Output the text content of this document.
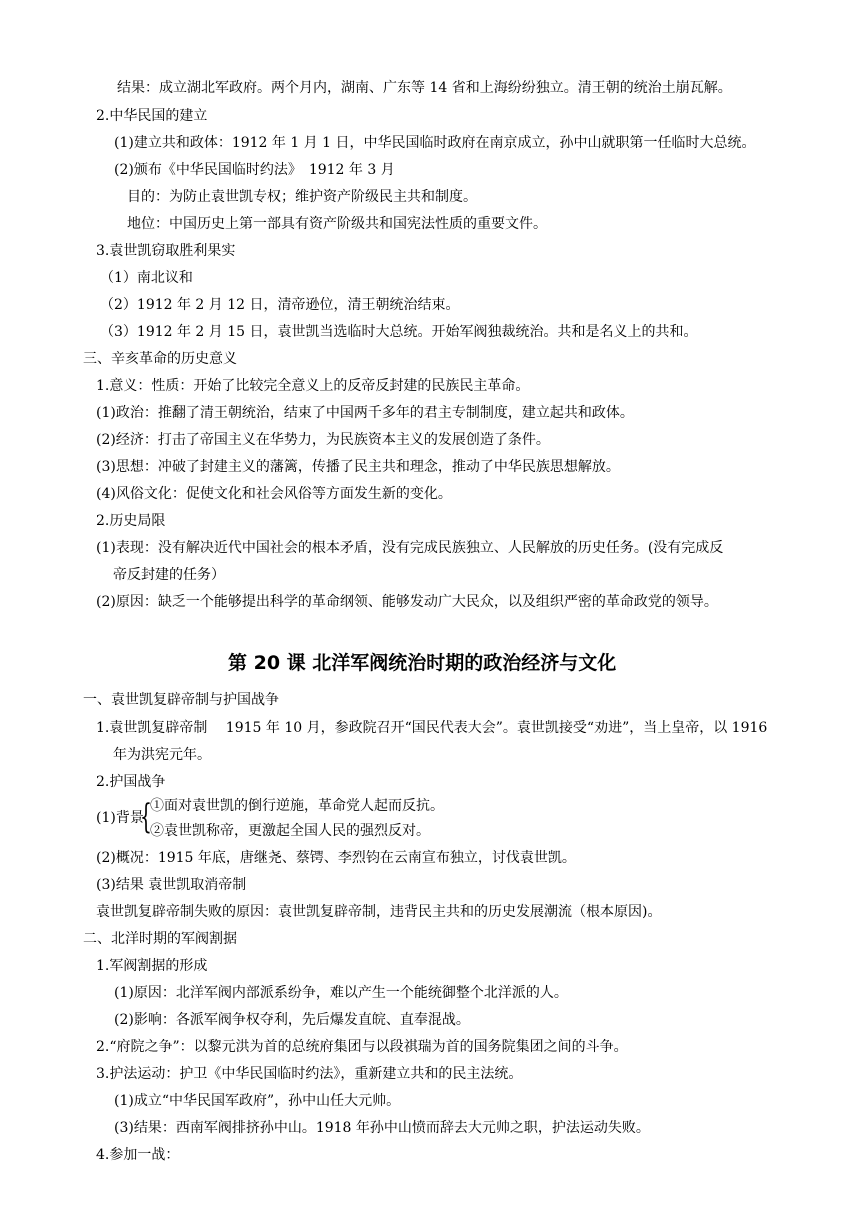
结果：成立湖北军政府。两个月内，湖南、广东等 14 省和上海纷纷独立。清王朝的统治土崩瓦解。
2.中华民国的建立
(1)建立共和政体：1912 年 1 月 1 日，中华民国临时政府在南京成立，孙中山就职第一任临时大总统。
(2)颁布《中华民国临时约法》　1912 年 3 月
目的：为防止袁世凯专权；维护资产阶级民主共和制度。
地位：中国历史上第一部具有资产阶级共和国宪法性质的重要文件。
3.袁世凯窃取胜利果实
（1）南北议和
（2）1912 年 2 月 12 日，清帝逊位，清王朝统治结束。
（3）1912 年 2 月 15 日，袁世凯当选临时大总统。开始军阀独裁统治。共和是名义上的共和。
三、辛亥革命的历史意义
1.意义：性质：开始了比较完全意义上的反帝反封建的民族民主革命。
(1)政治：推翻了清王朝统治，结束了中国两千多年的君主专制制度，建立起共和政体。
(2)经济：打击了帝国主义在华势力，为民族资本主义的发展创造了条件。
(3)思想：冲破了封建主义的藩篱，传播了民主共和理念，推动了中华民族思想解放。
(4)风俗文化：促使文化和社会风俗等方面发生新的变化。
2.历史局限
(1)表现：没有解决近代中国社会的根本矛盾，没有完成民族独立、人民解放的历史任务。(没有完成反
帝反封建的任务）
(2)原因：缺乏一个能够提出科学的革命纲领、能够发动广大民众，以及组织严密的革命政党的领导。
第 20 课 北洋军阀统治时期的政治经济与文化
一、袁世凯复辟帝制与护国战争
1.袁世凯复辟帝制　 1915 年 10 月，参政院召开“国民代表大会”。袁世凯接受“劝进”，当上皇帝，以 1916
年为洪宪元年。
2.护国战争
①面对袁世凯的倒行逆施，革命党人起而反抗。
(1)背景
{
②袁世凯称帝，更激起全国人民的强烈反对。
(2)概况：1915 年底，唐继尧、蔡锷、李烈钧在云南宣布独立，讨伐袁世凯。
(3)结果 袁世凯取消帝制
袁世凯复辟帝制失败的原因：袁世凯复辟帝制，违背民主共和的历史发展潮流（根本原因)。
二、北洋时期的军阀割据
1.军阀割据的形成
(1)原因：北洋军阀内部派系纷争，难以产生一个能统御整个北洋派的人。
(2)影响：各派军阀争权夺利，先后爆发直皖、直奉混战。
2.“府院之争”：以黎元洪为首的总统府集团与以段祺瑞为首的国务院集团之间的斗争。
3.护法运动：护卫《中华民国临时约法》，重新建立共和的民主法统。
(1)成立“中华民国军政府”，孙中山任大元帅。
(3)结果：西南军阀排挤孙中山。1918 年孙中山愤而辞去大元帅之职，护法运动失败。
4.参加一战：
